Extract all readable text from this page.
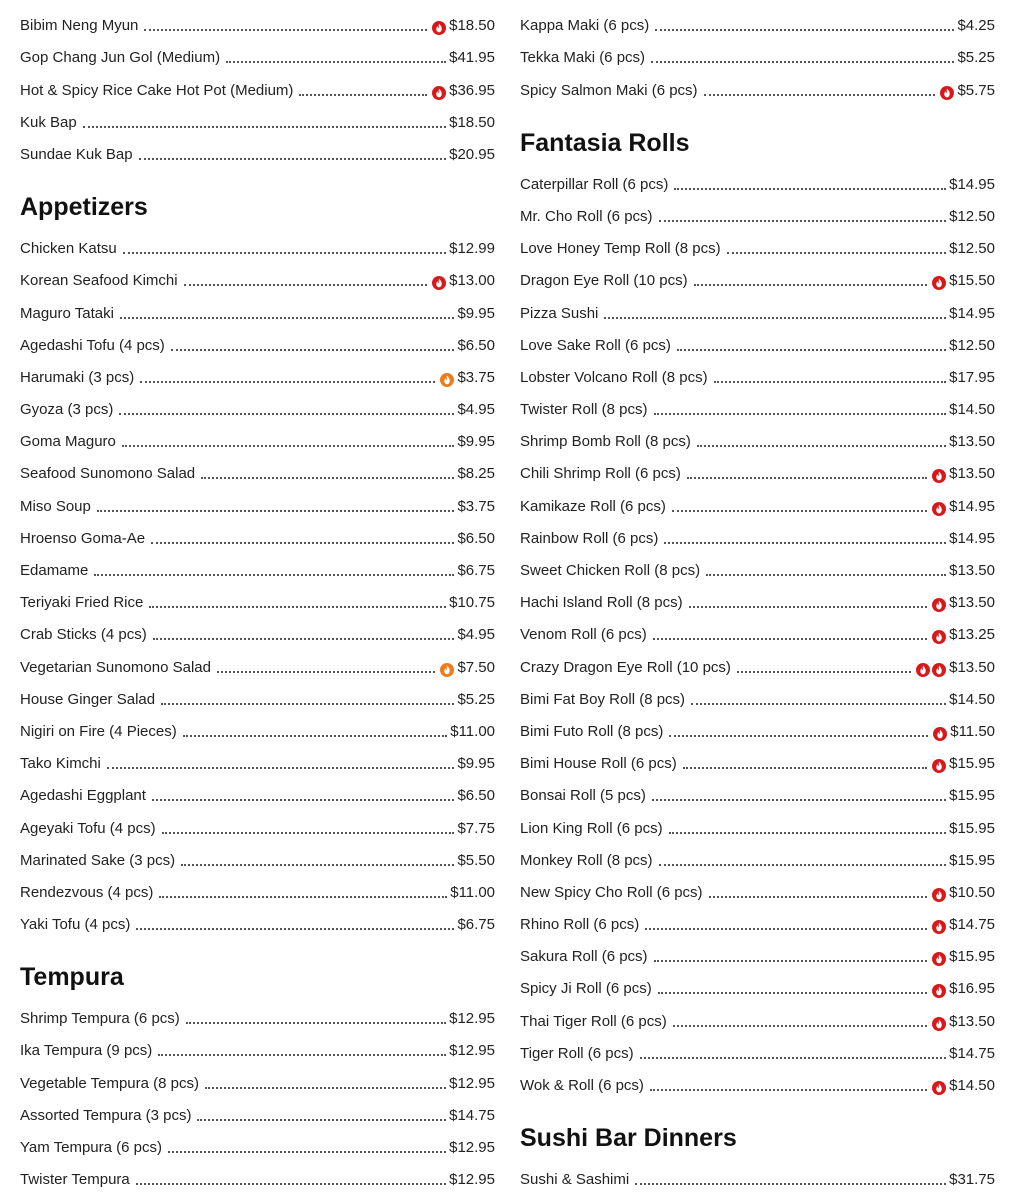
Bibim Neng Myun	$18.50
Gop Chang Jun Gol (Medium)	$41.95
Hot & Spicy Rice Cake Hot Pot (Medium)	$36.95
Kuk Bap	$18.50
Sundae Kuk Bap	$20.95
Appetizers
Chicken Katsu	$12.99
Korean Seafood Kimchi	$13.00
Maguro Tataki	$9.95
Agedashi Tofu (4 pcs)	$6.50
Harumaki (3 pcs)	$3.75
Gyoza (3 pcs)	$4.95
Goma Maguro	$9.95
Seafood Sunomono Salad	$8.25
Miso Soup	$3.75
Hroenso Goma-Ae	$6.50
Edamame	$6.75
Teriyaki Fried Rice	$10.75
Crab Sticks (4 pcs)	$4.95
Vegetarian Sunomono Salad	$7.50
House Ginger Salad	$5.25
Nigiri on Fire (4 Pieces)	$11.00
Tako Kimchi	$9.95
Agedashi Eggplant	$6.50
Ageyaki Tofu (4 pcs)	$7.75
Marinated Sake (3 pcs)	$5.50
Rendezvous (4 pcs)	$11.00
Yaki Tofu (4 pcs)	$6.75
Tempura
Shrimp Tempura (6 pcs)	$12.95
Ika Tempura (9 pcs)	$12.95
Vegetable Tempura (8 pcs)	$12.95
Assorted Tempura (3 pcs)	$14.75
Yam Tempura (6 pcs)	$12.95
Twister Tempura	$12.95
Kappa Maki (6 pcs)	$4.25
Tekka Maki (6 pcs)	$5.25
Spicy Salmon Maki (6 pcs)	$5.75
Fantasia Rolls
Caterpillar Roll (6 pcs)	$14.95
Mr. Cho Roll (6 pcs)	$12.50
Love Honey Temp Roll (8 pcs)	$12.50
Dragon Eye Roll (10 pcs)	$15.50
Pizza Sushi	$14.95
Love Sake Roll (6 pcs)	$12.50
Lobster Volcano Roll (8 pcs)	$17.95
Twister Roll (8 pcs)	$14.50
Shrimp Bomb Roll (8 pcs)	$13.50
Chili Shrimp Roll (6 pcs)	$13.50
Kamikaze Roll (6 pcs)	$14.95
Rainbow Roll (6 pcs)	$14.95
Sweet Chicken Roll (8 pcs)	$13.50
Hachi Island Roll (8 pcs)	$13.50
Venom Roll (6 pcs)	$13.25
Crazy Dragon Eye Roll (10 pcs)	$13.50
Bimi Fat Boy Roll (8 pcs)	$14.50
Bimi Futo Roll (8 pcs)	$11.50
Bimi House Roll (6 pcs)	$15.95
Bonsai Roll (5 pcs)	$15.95
Lion King Roll (6 pcs)	$15.95
Monkey Roll (8 pcs)	$15.95
New Spicy Cho Roll (6 pcs)	$10.50
Rhino Roll (6 pcs)	$14.75
Sakura Roll (6 pcs)	$15.95
Spicy Ji Roll (6 pcs)	$16.95
Thai Tiger Roll (6 pcs)	$13.50
Tiger Roll (6 pcs)	$14.75
Wok & Roll (6 pcs)	$14.50
Sushi Bar Dinners
Sushi & Sashimi	$31.75
